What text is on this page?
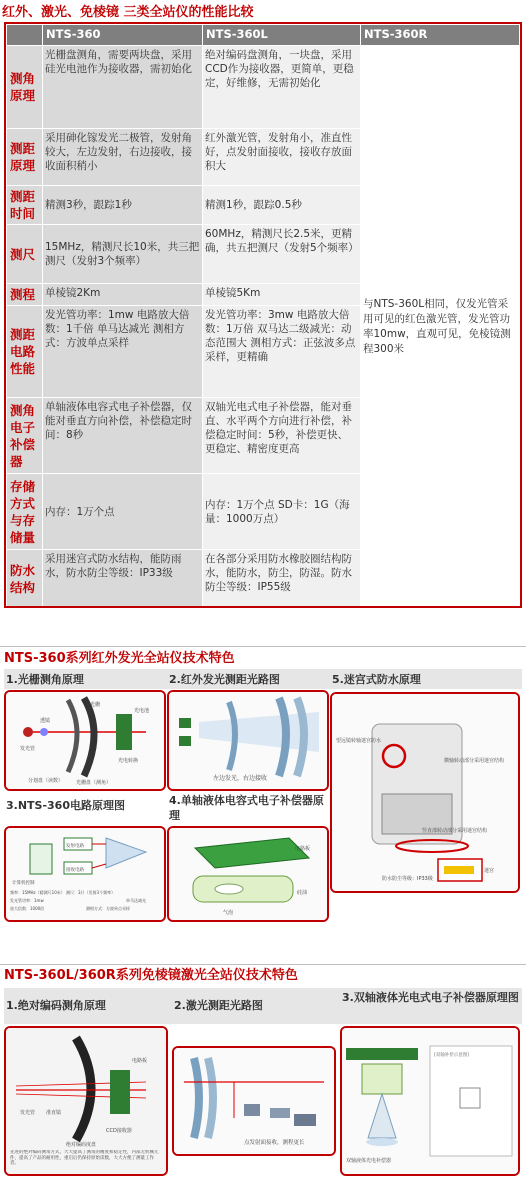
红外、激光、免棱镜 三类全站仪的性能比较
	NTS-360	NTS-360L	NTS-360R
测角原理	光栅盘测角，需要两块盘，采用硅光电池作为接收器，需初始化	绝对编码盘测角，一块盘，采用CCD作为接收器，更简单，更稳定，好维修，无需初始化	与NTS-360L相同，仅发光管采用可见的红色激光管，发光管功率10mw，直观可见，免棱镜测程300米
测距原理	采用砷化镓发光二极管，发射角较大，左边发射，右边接收，接收面积稍小	红外激光管，发射角小，准直性好，点发射面接收，接收存放面积大	
测距时间	精测3秒，跟踪1秒	精测1秒，跟踪0.5秒	
测尺	15MHz，精测尺长10米，共三把测尺（发射3个频率）	60MHz，精测尺长2.5米，更精确，共五把测尺（发射5个频率）	
测程	单棱镜2Km	单棱镜5Km	
测距电路性能	发光管功率：1mw 电路放大倍数：1千倍 单马达减光 测相方式：方波单点采样	发光管功率：3mw 电路放大倍数：1万倍 双马达二级减光：动态范围大 测相方式：正弦波多点采样，更精确	
测角电子补偿器	单轴液体电容式电子补偿器，仅能对垂直方向补偿，补偿稳定时间：8秒	双轴光电式电子补偿器，能对垂直、水平两个方向进行补偿，补偿稳定时间：5秒，补偿更快、更稳定、精密度更高	
存储方式与存储量	内存：1万个点	内存：1万个点 SD卡：1G（海量：1000万点）	
防水结构	采用迷宫式防水结构，能防雨水，防水防尘等级：IP33级	在各部分采用防水橡胶圈结构防水，能防水，防尘，防湿。防水防尘等级：IP55级	
NTS-360系列红外发光全站仪技术特色
1.光栅测角原理	2.红外发光测距光路图	5.迷宫式防水原理
发光管
透镜
光栅
光电池
分划盘（读数）	光栅盘（测角）
光电转换
左边发光，右边接收
望远镜转轴迷宫防水
横轴转动部分采用迷宫结构
竖直部转动部分采用迷宫结构
防水防尘等级：IP33级
迷宫
3.NTS-360电路原理图	4.单轴液体电容式电子补偿器原理
发射电路
接收电路
计算机控制
频率：15MHz（精测尺10米） 测尺：3只（发射3个频率）
发光管功率：1mw
放大倍数：1000倍	测相方式：方波单点采样
单马达减光
电路板
硅油
气泡
NTS-360L/360R系列免棱镜激光全站仪技术特色
1.绝对编码测角原理	2.激光测距光路图
3.双轴液体光电式电子补偿器原理图
电路板
发光管 准直镜
绝对编码度盘
CCD接收器
先进的绝对编码测角方式，大大提高了测角的精度和稳定性，内部无机械元件，提高了产品的耐用性，重启后仍保持原始读数，大大方便了测量工作者。
点发射面接收，测程更长
双轴液体光电补偿器
[双轴补偿示意图]
